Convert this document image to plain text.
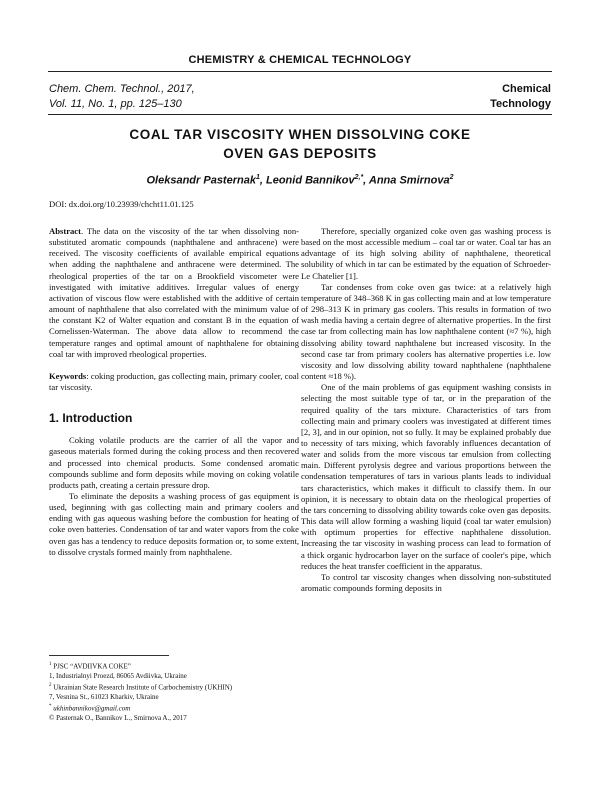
CHEMISTRY & CHEMICAL TECHNOLOGY
Chem. Chem. Technol., 2017,
Vol. 11, No. 1, pp. 125–130
Chemical
Technology
COAL TAR VISCOSITY WHEN DISSOLVING COKE
OVEN GAS DEPOSITS
Oleksandr Pasternak$^1$, Leonid Bannikov$^{2,*}$, Anna Smirnova$^2$
DOI: dx.doi.org/10.23939/chcht11.01.125

Abstract. The data on the viscosity of the tar when dissolving non-substituted aromatic compounds (naphthalene and anthracene) were received. The viscosity coefficients of available empirical equations when adding the naphthalene and anthracene were determined. The rheological properties of the tar on a Brookfield viscometer were investigated with imitative additives. Irregular values of energy activation of viscous flow were established with the additive of certain amount of naphthalene that also correlated with the minimum value of the constant K2 of Walter equation and constant B in the equation of Cornelissen-Waterman. The above data allow to recommend the temperature ranges and optimal amount of naphthalene for obtaining coal tar with improved rheological properties.

Keywords: coking production, gas collecting main, primary cooler, coal tar viscosity.

1. Introduction

Coking volatile products are the carrier of all the vapor and gaseous materials formed during the coking process and then recovered and processed into chemical products. Some condensed aromatic compounds sublime and form deposits while moving on coking volatile products path, creating a certain pressure drop.

To eliminate the deposits a washing process of gas equipment is used, beginning with gas collecting main and primary coolers and ending with gas aqueous washing before the combustion for heating of coke oven batteries. Condensation of tar and water vapors from the coke oven gas has a tendency to reduce deposits formation or, to some extent, to dissolve crystals formed mainly from naphthalene.

Therefore, specially organized coke oven gas washing process is based on the most accessible medium – coal tar or water. Coal tar has an advantage of its high solving ability of naphthalene, theoretical solubility of which in tar can be estimated by the equation of Schroeder-Le Chatelier [1].

Tar condenses from coke oven gas twice: at a relatively high temperature of 348–368 K in gas collecting main and at low temperature of 298–313 K in primary gas coolers. This results in formation of two wash media having a certain degree of alternative properties. In the first case tar from collecting main has low naphthalene content (≈7 %), high dissolving ability toward naphthalene but increased viscosity. In the second case tar from primary coolers has alternative properties i.e. low viscosity and low dissolving ability toward naphthalene (naphthalene content ≈18 %).

One of the main problems of gas equipment washing consists in selecting the most suitable type of tar, or in the preparation of the required quality of the tars mixture. Characteristics of tars from collecting main and primary coolers was investigated at different times [2, 3], and in our opinion, not so fully. It may be explained probably due to necessity of tars mixing, which favorably influences decantation of water and solids from the more viscous tar emulsion from collecting main. Different pyrolysis degree and various proportions between the condensation temperatures of tars in various plants leads to individual tars characteristics, which makes it difficult to classify them. In our opinion, it is necessary to obtain data on the rheological properties of the tars concerning to dissolving ability towards coke oven gas deposits. This data will allow forming a washing liquid (coal tar water emulsion) with optimum properties for effective naphthalene dissolution. Increasing the tar viscosity in washing process can lead to formation of a thick organic hydrocarbon layer on the surface of cooler's pipe, which reduces the heat transfer coefficient in the apparatus.

To control tar viscosity changes when dissolving non-substituted aromatic compounds forming deposits in

$^1$ PJSC “AVDIIVKA COKE”
1, Industrialnyi Proezd, 86065 Avdiivka, Ukraine
$^2$ Ukrainian State Research Institute of Carbochemistry (UKHIN)
7, Vesnina St., 61023 Kharkiv, Ukraine
* ukhinbannikov@gmail.com
© Pasternak O., Bannikov L., Smirnova A., 2017
